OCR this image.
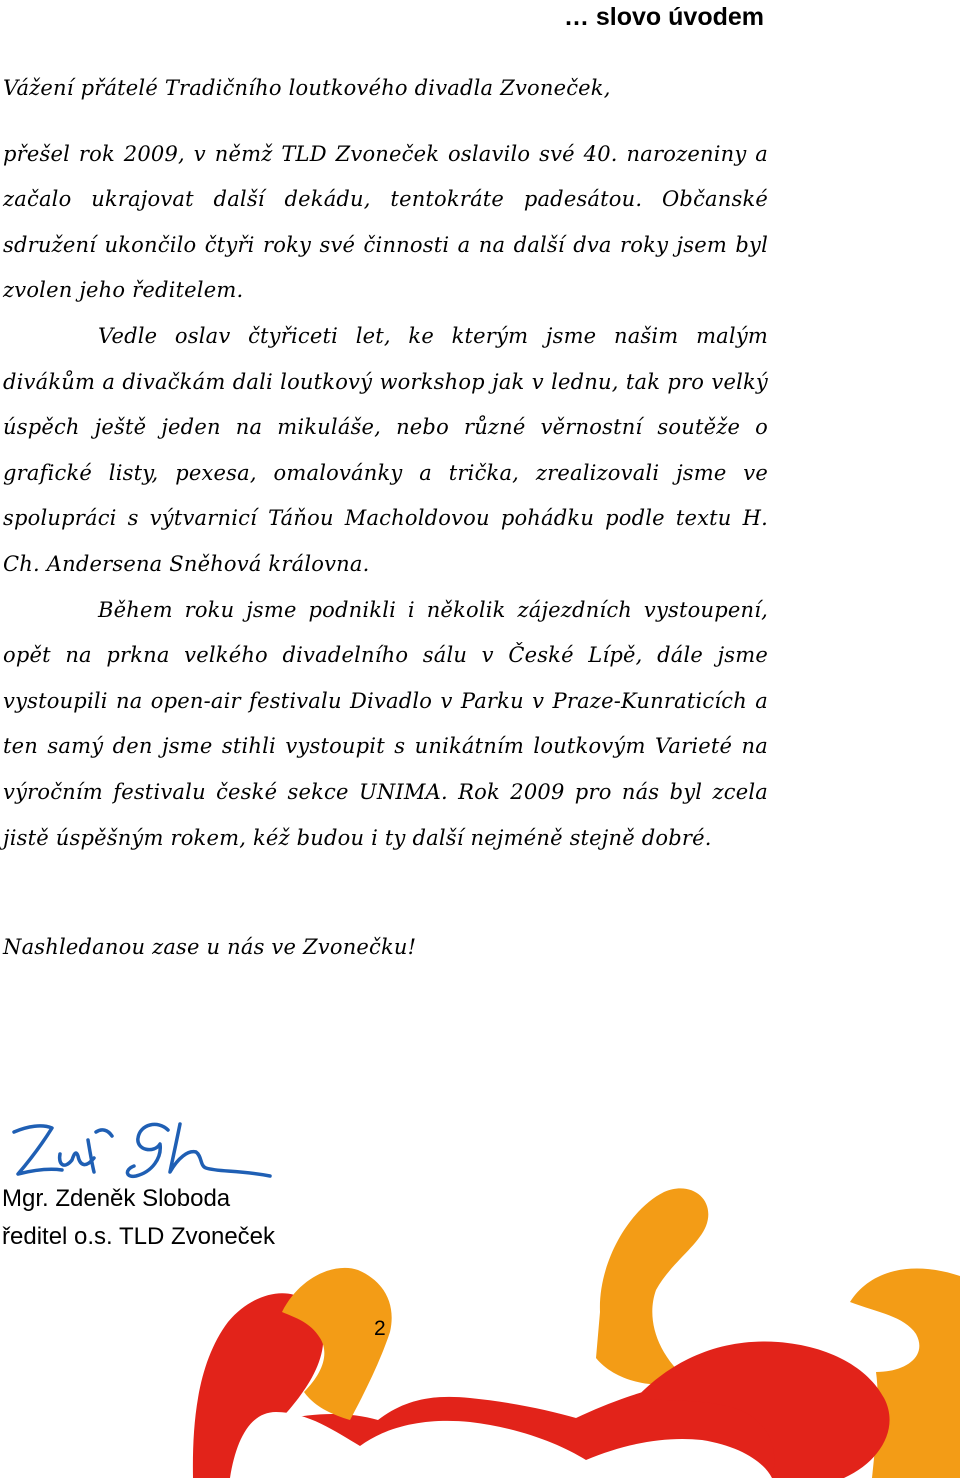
… slovo úvodem

Vážení přátelé Tradičního loutkového divadla Zvoneček,

přešel rok 2009, v němž TLD Zvoneček oslavilo své 40. narozeniny a začalo ukrajovat další dekádu, tentokráte padesátou. Občanské sdružení ukončilo čtyři roky své činnosti a na další dva roky jsem byl zvolen jeho ředitelem.

Vedle oslav čtyřiceti let, ke kterým jsme našim malým divákům a divačkám dali loutkový workshop jak v lednu, tak pro velký úspěch ještě jeden na mikuláše, nebo různé věrnostní soutěže o grafické listy, pexesa, omalovánky a trička, zrealizovali jsme ve spolupráci s výtvarnicí Táňou Macholdovou pohádku podle textu H. Ch. Andersena Sněhová královna.

Během roku jsme podnikli i několik zájezdních vystoupení, opět na prkna velkého divadelního sálu v České Lípě, dále jsme vystoupili na open-air festivalu Divadlo v Parku v Praze-Kunraticích a ten samý den jsme stihli vystoupit s unikátním loutkovým Varieté na výročním festivalu české sekce UNIMA. Rok 2009 pro nás byl zcela jistě úspěšným rokem, kéž budou i ty další nejméně stejně dobré.

Nashledanou zase u nás ve Zvonečku!

Mgr. Zdeněk Sloboda
ředitel o.s. TLD Zvoneček
2
